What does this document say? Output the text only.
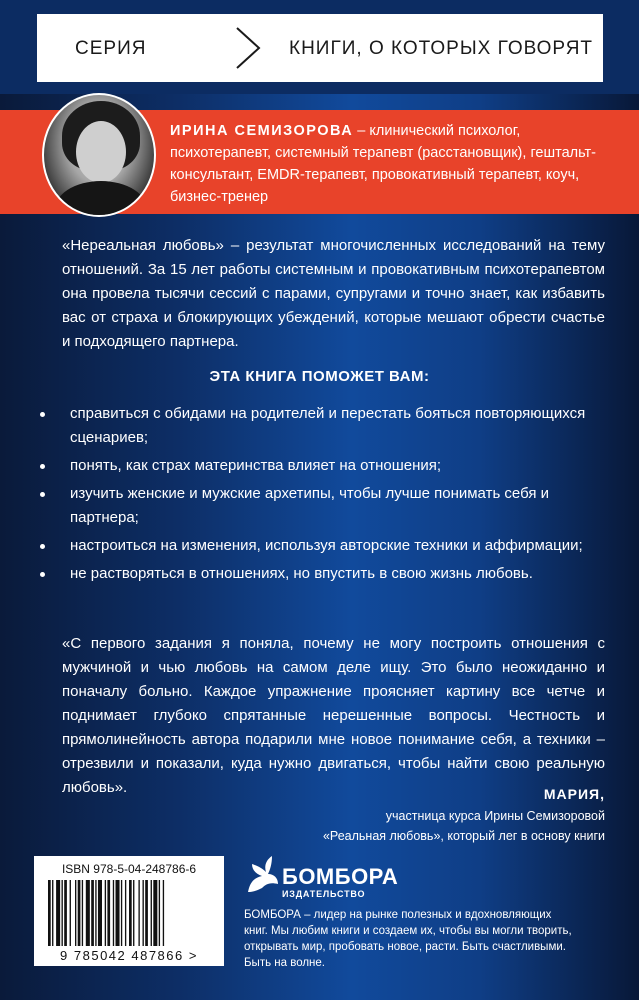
СЕРИЯ	КНИГИ, О КОТОРЫХ ГОВОРЯТ
ИРИНА СЕМИЗОРОВА – клинический психолог, психотерапевт, системный терапевт (расстановщик), гештальт-консультант, EMDR-терапевт, провокативный терапевт, коуч, бизнес-тренер
«Нереальная любовь» – результат многочисленных исследований на тему отношений. За 15 лет работы системным и провокативным психотерапевтом она провела тысячи сессий с парами, супругами и точно знает, как избавить вас от страха и блокирующих убеждений, которые мешают обрести счастье и подходящего партнера.
ЭТА КНИГА ПОМОЖЕТ ВАМ:
справиться с обидами на родителей и перестать бояться повторяющихся сценариев;
понять, как страх материнства влияет на отношения;
изучить женские и мужские архетипы, чтобы лучше понимать себя и партнера;
настроиться на изменения, используя авторские техники и аффирмации;
не растворяться в отношениях, но впустить в свою жизнь любовь.
«С первого задания я поняла, почему не могу построить отношения с мужчиной и чью любовь на самом деле ищу. Это было неожиданно и поначалу больно. Каждое упражнение проясняет картину все четче и поднимает глубоко спрятанные нерешенные вопросы. Честность и прямолинейность автора подарили мне новое понимание себя, а техники – отрезвили и показали, куда нужно двигаться, чтобы найти свою реальную любовь».	МАРИЯ,
участница курса Ирины Семизоровой
«Реальная любовь», который лег в основу книги
ISBN 978-5-04-248786-6
9 785042 487866 >
БОМБОРА
ИЗДАТЕЛЬСТВО
БОМБОРА – лидер на рынке полезных и вдохновляющих книг. Мы любим книги и создаем их, чтобы вы могли творить, открывать мир, пробовать новое, расти. Быть счастливыми. Быть на волне.
